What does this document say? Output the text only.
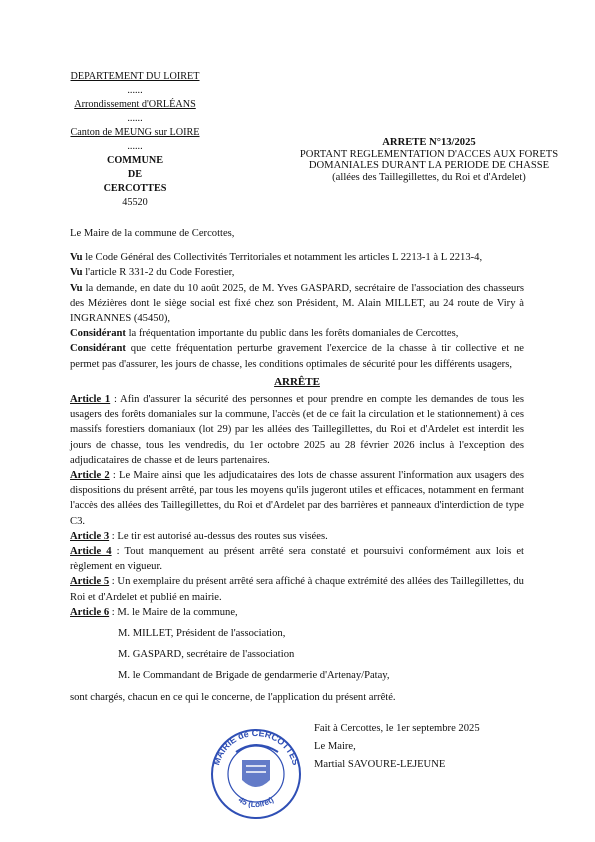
DEPARTEMENT DU LOIRET
......
Arrondissement d'ORLÉANS
......
Canton de MEUNG sur LOIRE
......
COMMUNE
DE
CERCOTTES
45520
ARRETE N°13/2025
PORTANT REGLEMENTATION D'ACCES AUX FORETS
DOMANIALES DURANT LA PERIODE DE CHASSE
(allées des Taillegillettes, du Roi et d'Ardelet)

Le Maire de la commune de Cercottes,

Vu le Code Général des Collectivités Territoriales et notamment les articles L 2213-1 à L 2213-4,

Vu l'article R 331-2 du Code Forestier,

Vu la demande, en date du 10 août 2025, de M. Yves GASPARD, secrétaire de l'association des chasseurs des Mézières dont le siège social est fixé chez son Président, M. Alain MILLET, au 24 route de Viry à INGRANNES (45450),

Considérant la fréquentation importante du public dans les forêts domaniales de Cercottes,

Considérant que cette fréquentation perturbe gravement l'exercice de la chasse à tir collective et ne permet pas d'assurer, les jours de chasse, les conditions optimales de sécurité pour les différents usagers,

ARRÊTE

Article 1 : Afin d'assurer la sécurité des personnes et pour prendre en compte les demandes de tous les usagers des forêts domaniales sur la commune, l'accès (et de ce fait la circulation et le stationnement) à ces massifs forestiers domaniaux (lot 29) par les allées des Taillegillettes, du Roi et d'Ardelet est interdit les jours de chasse, tous les vendredis, du 1er octobre 2025 au 28 février 2026 inclus à l'exception des adjudicataires de chasse et de leurs partenaires.

Article 2 : Le Maire ainsi que les adjudicataires des lots de chasse assurent l'information aux usagers des dispositions du présent arrêté, par tous les moyens qu'ils jugeront utiles et efficaces, notamment en fermant l'accès des allées des Taillegillettes, du Roi et d'Ardelet par des barrières et panneaux d'interdiction de type C3.

Article 3 : Le tir est autorisé au-dessus des routes sus visées.

Article 4 : Tout manquement au présent arrêté sera constaté et poursuivi conformément aux lois et règlement en vigueur.

Article 5 : Un exemplaire du présent arrêté sera affiché à chaque extrémité des allées des Taillegillettes, du Roi et d'Ardelet et publié en mairie.

Article 6 : M. le Maire de la commune,

M. MILLET, Président de l'association,

M. GASPARD, secrétaire de l'association

M. le Commandant de Brigade de gendarmerie d'Artenay/Patay,

sont chargés, chacun en ce qui le concerne, de l'application du présent arrêté.

MAIRIE de CERCOTTES
45 (Loiret)
Fait à Cercottes, le 1er septembre 2025
Le Maire,
Martial SAVOURE-LEJEUNE
